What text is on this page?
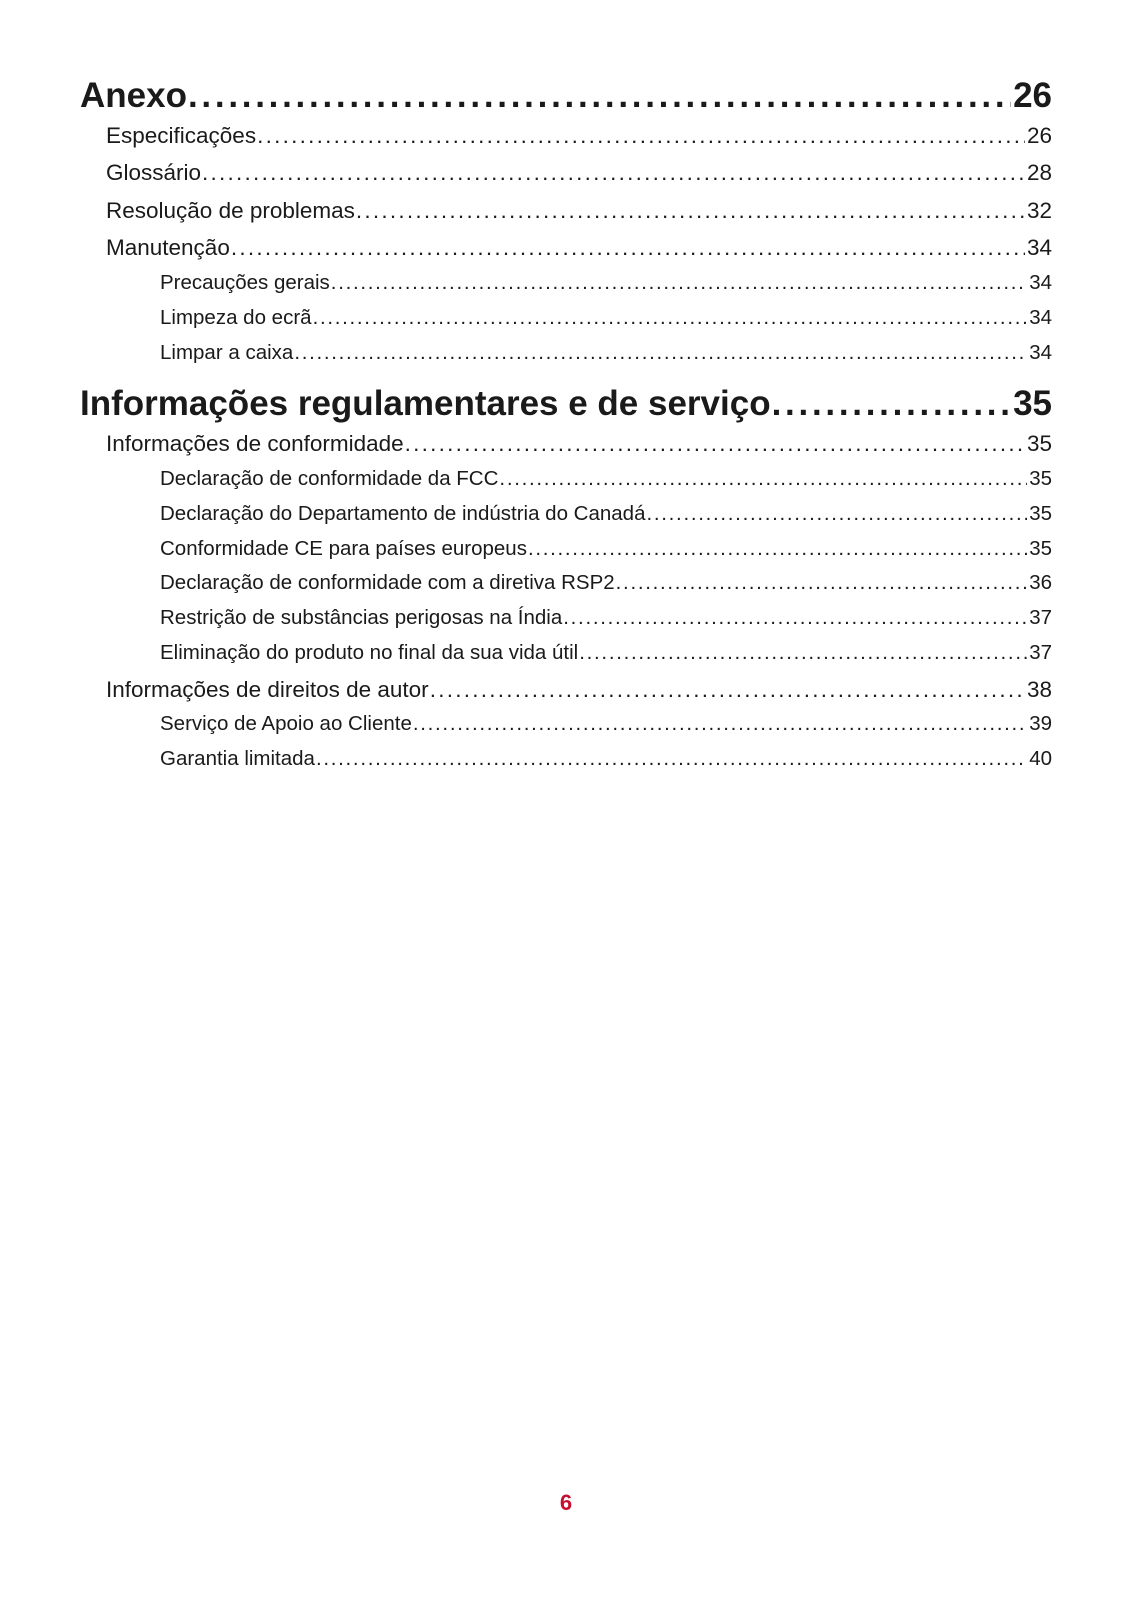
Anexo . . .	26
Especificações . . .	26
Glossário . . .	28
Resolução de problemas . . .	32
Manutenção . . .	34
Precauções gerais . . .	34
Limpeza do ecrã . . .	34
Limpar a caixa . . .	34
Informações regulamentares e de serviço . . .	35
Informações de conformidade . . .	35
Declaração de conformidade da FCC . . .	35
Declaração do Departamento de indústria do Canadá . . .	35
Conformidade CE para países europeus . . .	35
Declaração de conformidade com a diretiva RSP2 . . .	36
Restrição de substâncias perigosas na Índia . . .	37
Eliminação do produto no final da sua vida útil . . .	37
Informações de direitos de autor . . .	38
Serviço de Apoio ao Cliente . . .	39
Garantia limitada . . .	40
6
